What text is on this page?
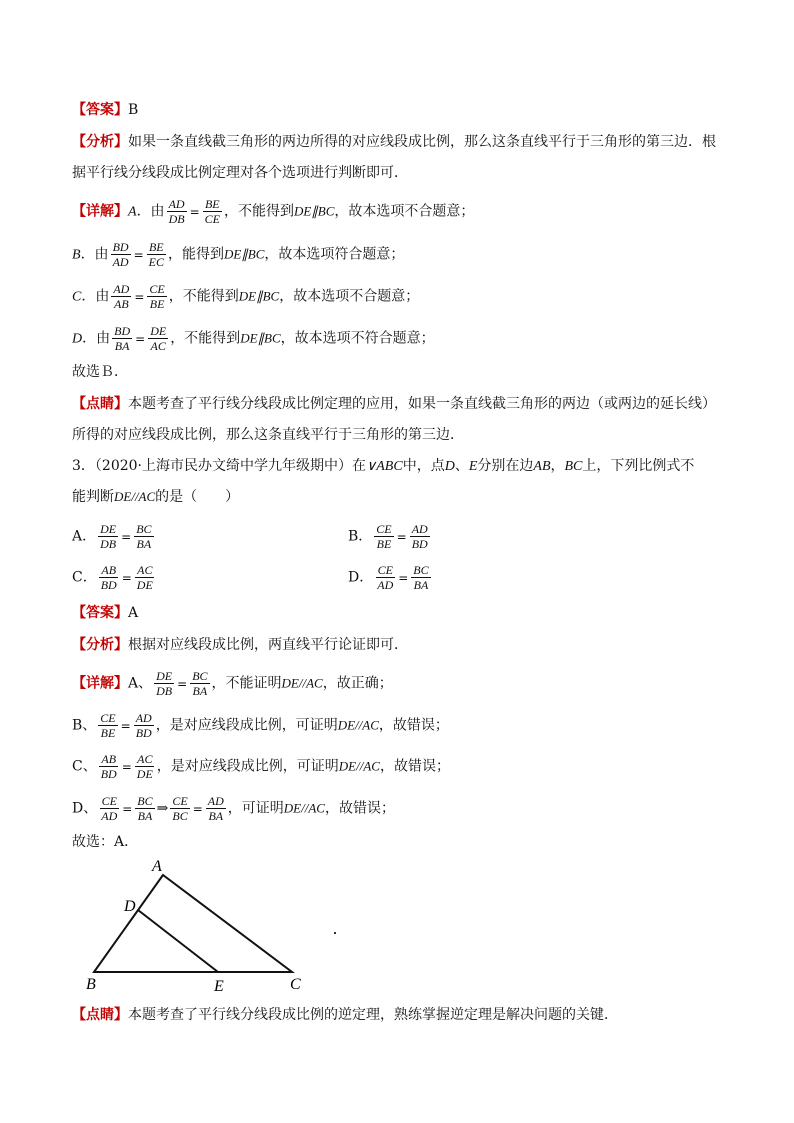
【答案】B
【分析】如果一条直线截三角形的两边所得的对应线段成比例，那么这条直线平行于三角形的第三边．根
据平行线分线段成比例定理对各个选项进行判断即可．
【详解】A．由 $\frac{AD}{DB} = \frac{BE}{CE}$ ，不能得到DE∥BC，故本选项不合题意；
B．由 $\frac{BD}{AD} = \frac{BE}{EC}$ ，能得到DE∥BC，故本选项符合题意；
C．由 $\frac{AD}{AB} = \frac{CE}{BE}$ ，不能得到DE∥BC，故本选项不合题意；
D．由 $\frac{BD}{BA} = \frac{DE}{AC}$ ，不能得到DE∥BC，故本选项不符合题意；
故选Ｂ．
【点睛】本题考查了平行线分线段成比例定理的应用，如果一条直线截三角形的两边（或两边的延长线）
所得的对应线段成比例，那么这条直线平行于三角形的第三边．
3．（2020·上海市民办文绮中学九年级期中）在∨ABC中，点D、E分别在边AB，BC上，下列比例式不
能判断DE//AC的是（　　）
A． $\frac{DE}{DB} = \frac{BC}{BA}$	B． $\frac{CE}{BE} = \frac{AD}{BD}$
C． $\frac{AB}{BD} = \frac{AC}{DE}$	D． $\frac{CE}{AD} = \frac{BC}{BA}$
【答案】A
【分析】根据对应线段成比例，两直线平行论证即可．
【详解】A、 $\frac{DE}{DB} = \frac{BC}{BA}$ ，不能证明DE//AC，故正确；
B、 $\frac{CE}{BE} = \frac{AD}{BD}$ ，是对应线段成比例，可证明DE//AC，故错误；
C、 $\frac{AB}{BD} = \frac{AC}{DE}$ ，是对应线段成比例，可证明DE//AC，故错误；
D、 $\frac{CE}{AD} = \frac{BC}{BA}$ ⇒ $\frac{CE}{BC} = \frac{AD}{BA}$ ，可证明DE//AC，故错误；
故选：A．
A
D
B	E	C
【点睛】本题考查了平行线分线段成比例的逆定理，熟练掌握逆定理是解决问题的关键．
